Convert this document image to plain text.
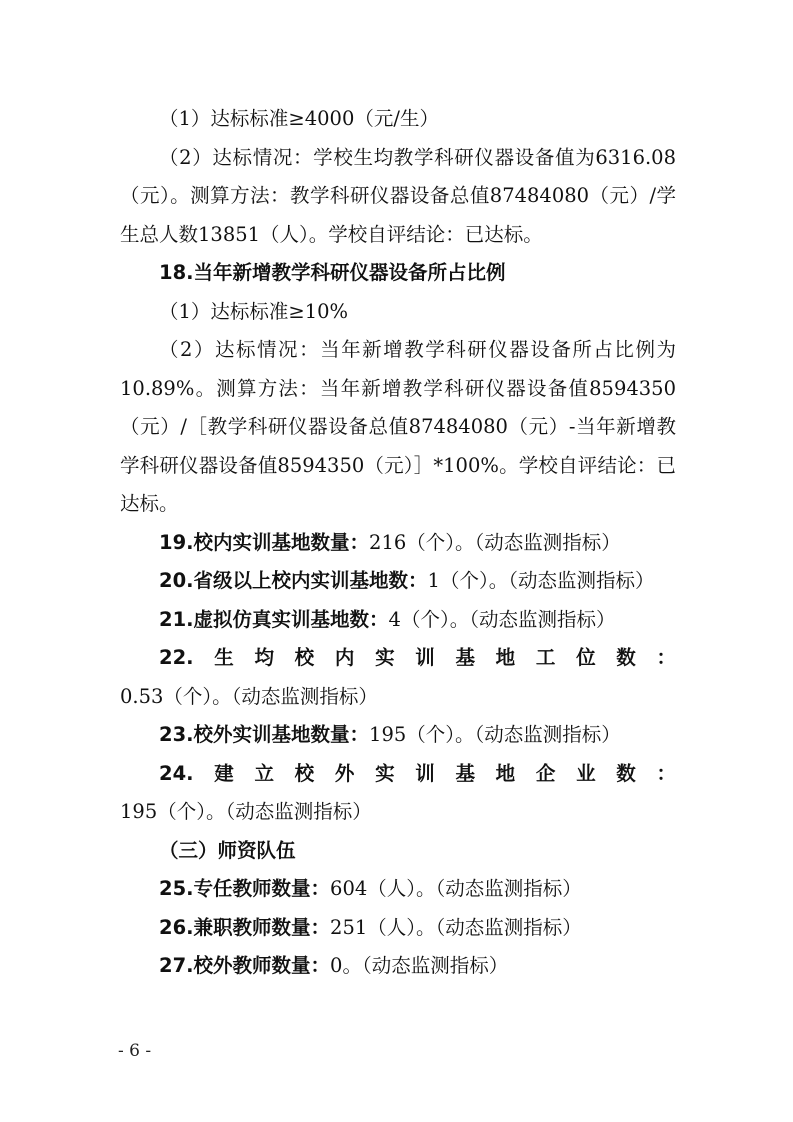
（1）达标标准≥4000（元/生）

（2）达标情况：学校生均教学科研仪器设备值为6316.08（元）。测算方法：教学科研仪器设备总值87484080（元）/学生总人数13851（人）。学校自评结论：已达标。

18.当年新增教学科研仪器设备所占比例

（1）达标标准≥10%

（2）达标情况：当年新增教学科研仪器设备所占比例为10.89%。测算方法：当年新增教学科研仪器设备值8594350（元）/［教学科研仪器设备总值87484080（元）-当年新增教学科研仪器设备值8594350（元）］*100%。学校自评结论：已达标。

19.校内实训基地数量：216（个）。（动态监测指标）

20.省级以上校内实训基地数：1（个）。（动态监测指标）

21.虚拟仿真实训基地数：4（个）。（动态监测指标）

22.生均校内实训基地工位数：0.53（个）。（动态监测指标）

23.校外实训基地数量：195（个）。（动态监测指标）

24.建立校外实训基地企业数：195（个）。（动态监测指标）

（三）师资队伍

25.专任教师数量：604（人）。（动态监测指标）

26.兼职教师数量：251（人）。（动态监测指标）

27.校外教师数量：0。（动态监测指标）

- 6 -
